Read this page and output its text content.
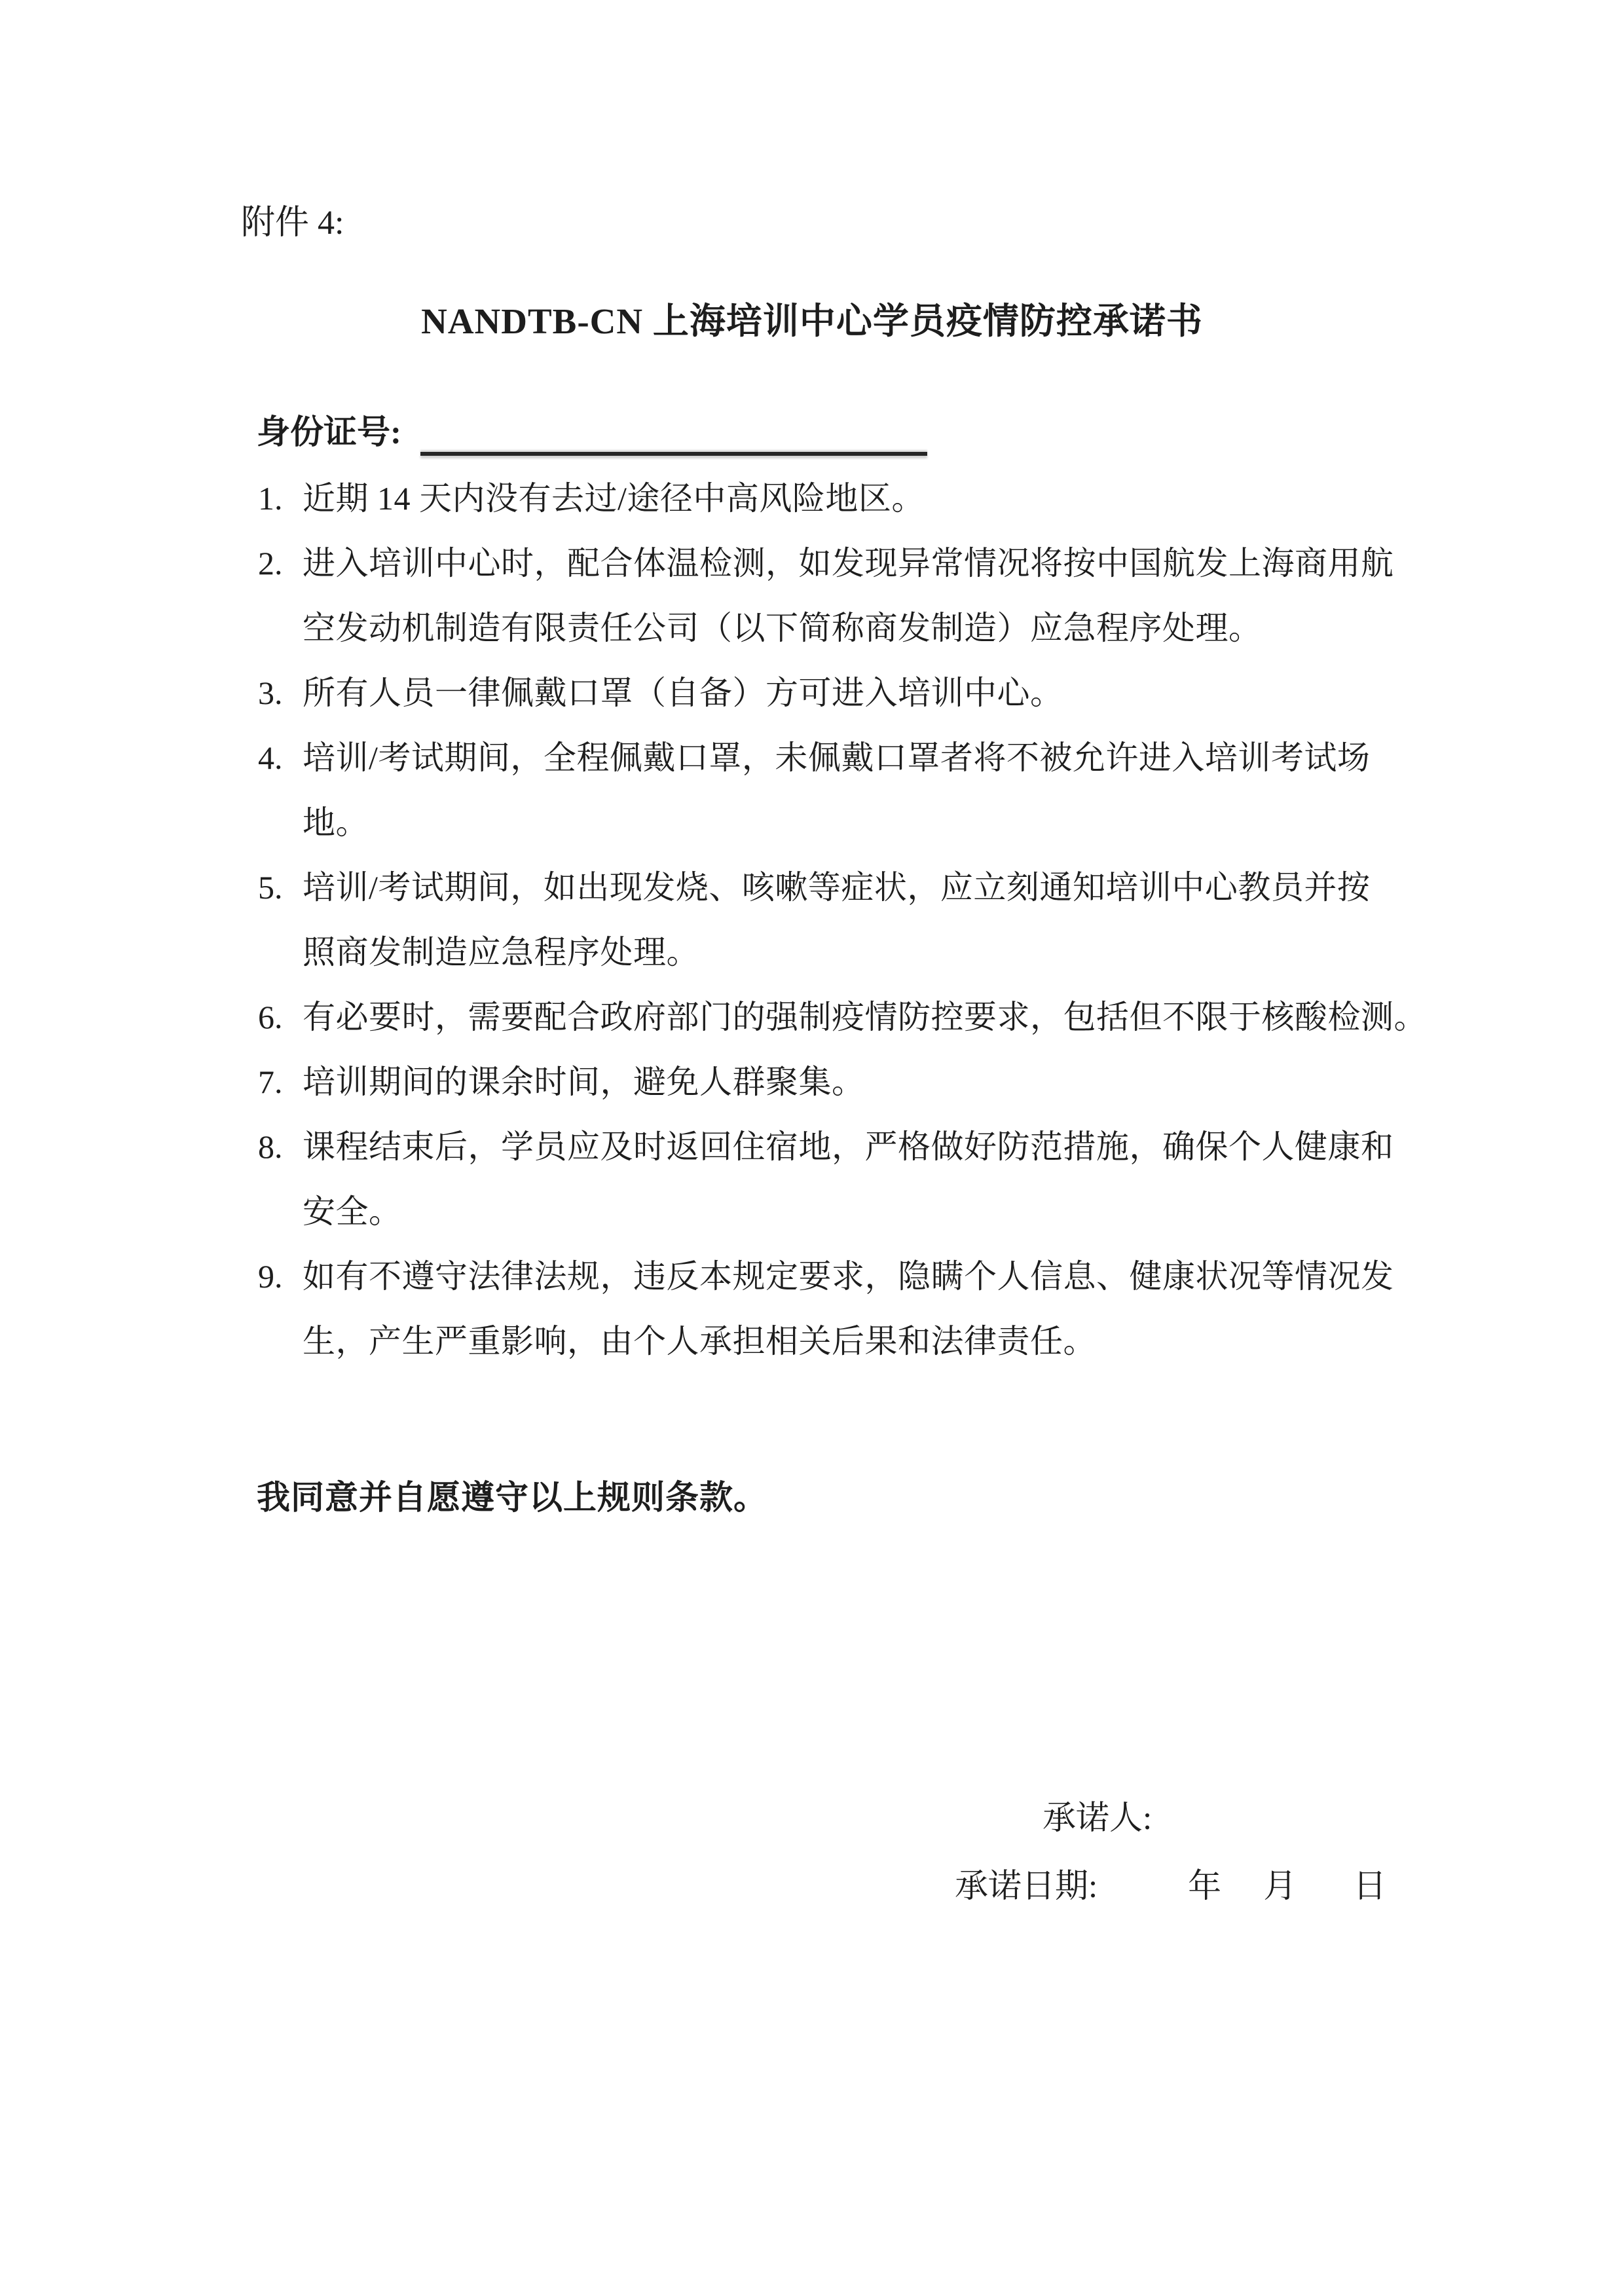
附件 4:
NANDTB-CN 上海培训中心学员疫情防控承诺书
身份证号:
1. 近期 14 天内没有去过/途径中高风险地区。
2. 进入培训中心时，配合体温检测，如发现异常情况将按中国航发上海商用航
空发动机制造有限责任公司（以下简称商发制造）应急程序处理。
3. 所有人员一律佩戴口罩（自备）方可进入培训中心。
4. 培训/考试期间，全程佩戴口罩，未佩戴口罩者将不被允许进入培训考试场
地。
5. 培训/考试期间，如出现发烧、咳嗽等症状，应立刻通知培训中心教员并按
照商发制造应急程序处理。
6. 有必要时，需要配合政府部门的强制疫情防控要求，包括但不限于核酸检测。
7. 培训期间的课余时间，避免人群聚集。
8. 课程结束后，学员应及时返回住宿地，严格做好防范措施，确保个人健康和
安全。
9. 如有不遵守法律法规，违反本规定要求，隐瞒个人信息、健康状况等情况发
生，产生严重影响，由个人承担相关后果和法律责任。
我同意并自愿遵守以上规则条款。
承诺人:
承诺日期:	年 月 日
